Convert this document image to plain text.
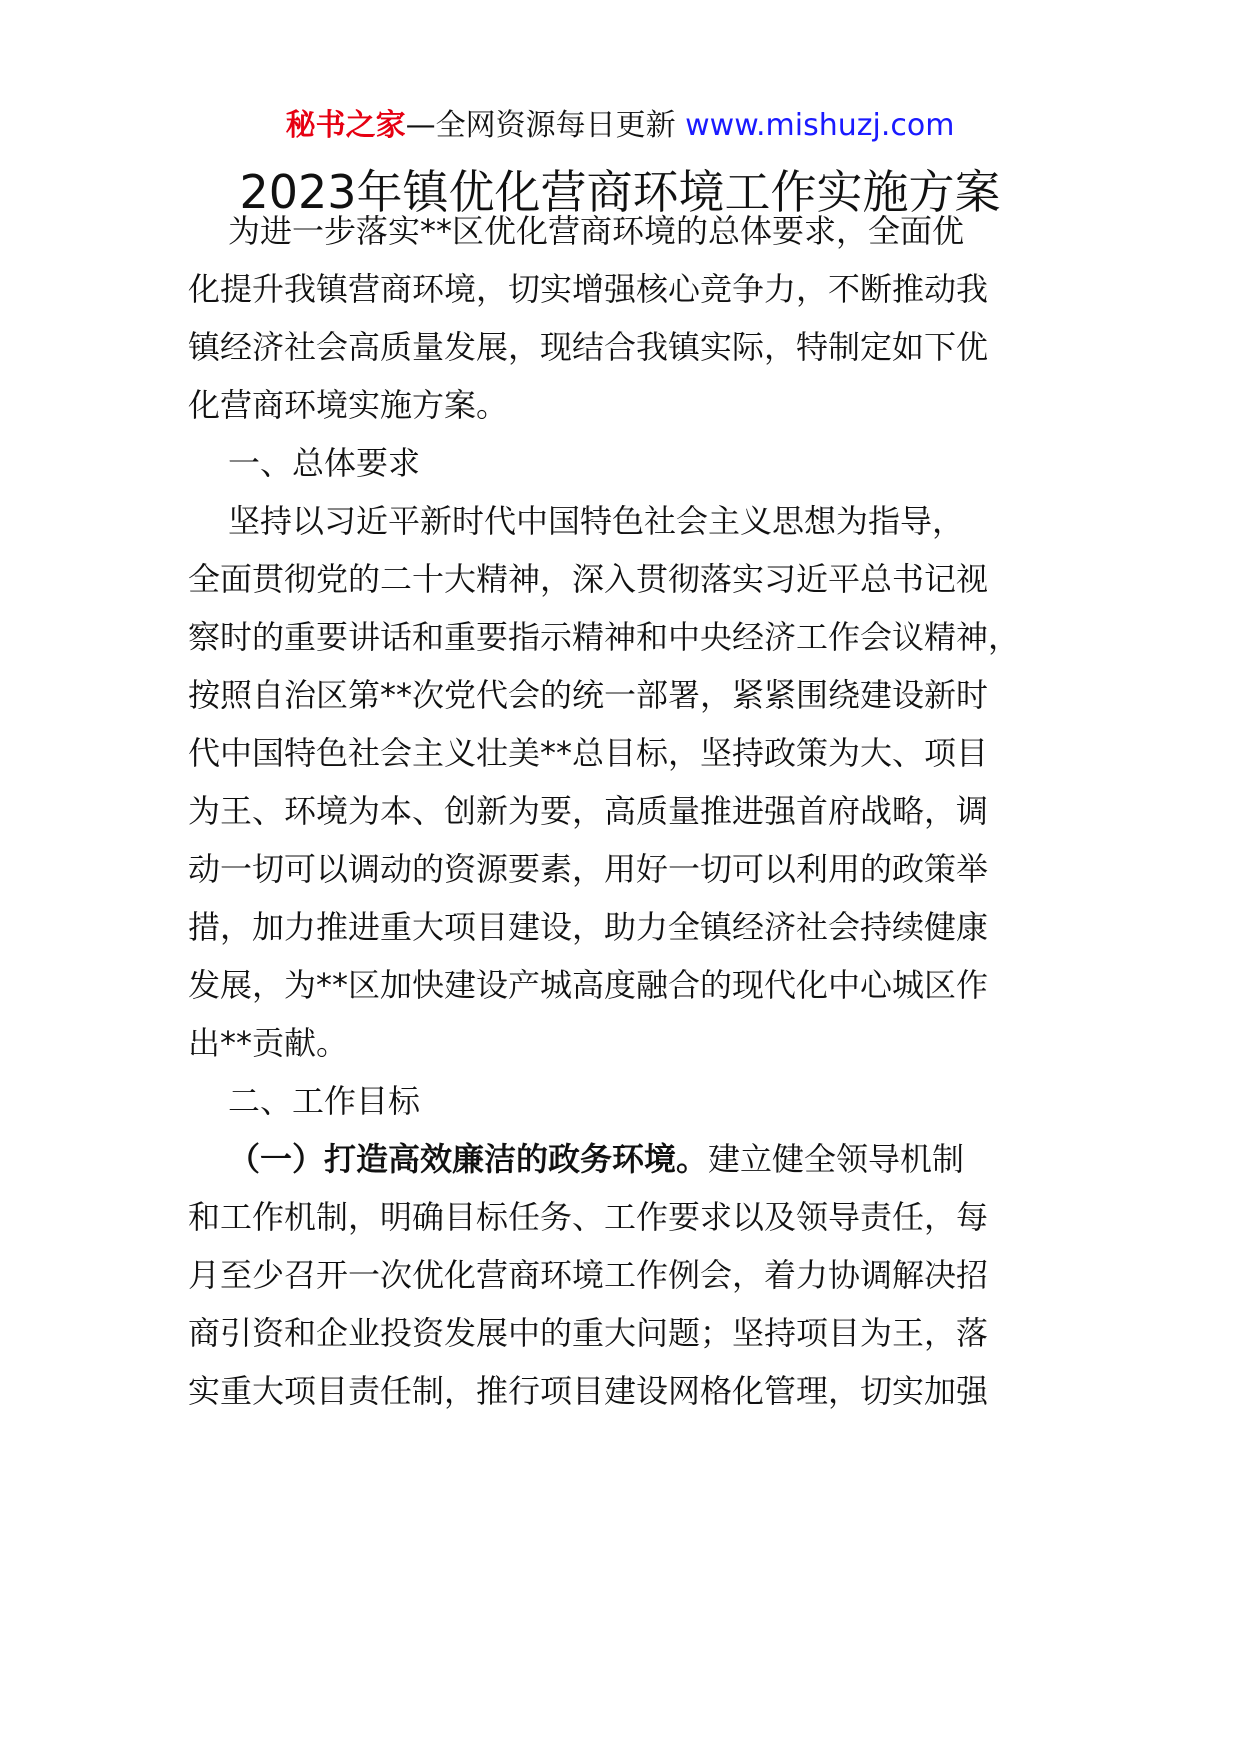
秘书之家—全网资源每日更新 www.mishuzj.com
2023年镇优化营商环境工作实施方案
为进一步落实**区优化营商环境的总体要求，全面优
化提升我镇营商环境，切实增强核心竞争力，不断推动我
镇经济社会高质量发展，现结合我镇实际，特制定如下优
化营商环境实施方案。
一、总体要求
坚持以习近平新时代中国特色社会主义思想为指导，
全面贯彻党的二十大精神，深入贯彻落实习近平总书记视
察时的重要讲话和重要指示精神和中央经济工作会议精神，
按照自治区第**次党代会的统一部署，紧紧围绕建设新时
代中国特色社会主义壮美**总目标，坚持政策为大、项目
为王、环境为本、创新为要，高质量推进强首府战略，调
动一切可以调动的资源要素，用好一切可以利用的政策举
措，加力推进重大项目建设，助力全镇经济社会持续健康
发展，为**区加快建设产城高度融合的现代化中心城区作
出**贡献。
二、工作目标
（一）打造高效廉洁的政务环境。建立健全领导机制
和工作机制，明确目标任务、工作要求以及领导责任，每
月至少召开一次优化营商环境工作例会，着力协调解决招
商引资和企业投资发展中的重大问题；坚持项目为王，落
实重大项目责任制，推行项目建设网格化管理，切实加强
